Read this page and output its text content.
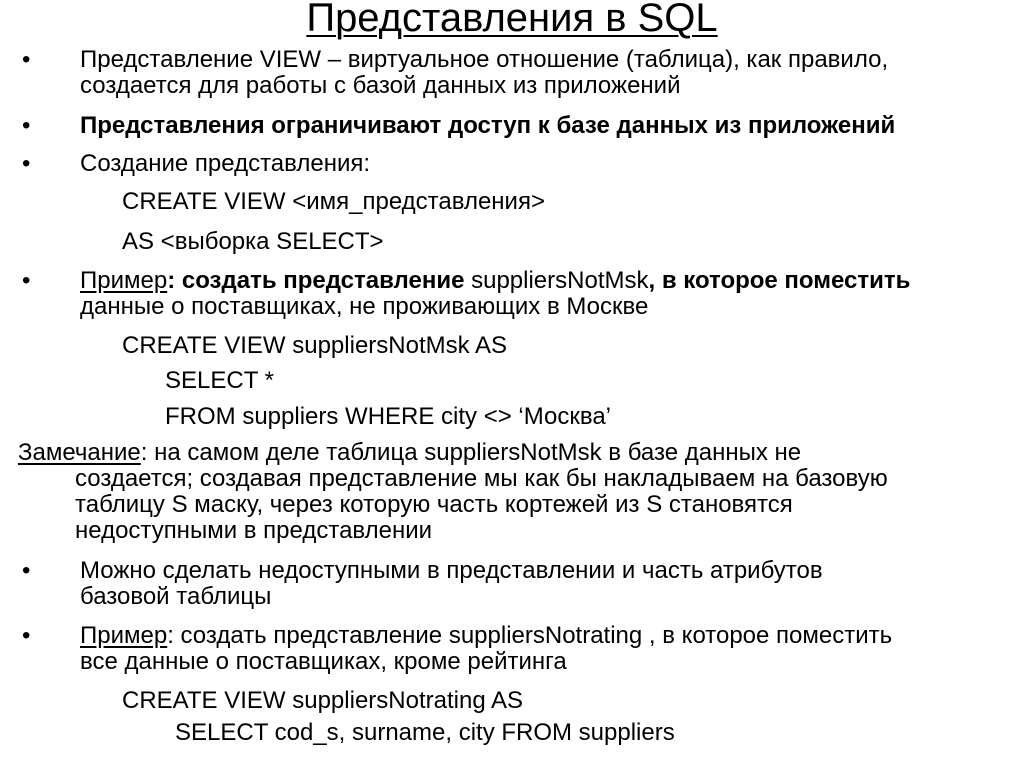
Представления в SQL
• Представление VIEW – виртуальное отношение (таблица), как правило,
создается для работы с базой данных из приложений
• Представления ограничивают доступ к базе данных из приложений
• Создание представления:
CREATE VIEW <имя_представления>
AS <выборка SELECT>
• Пример: создать представление suppliersNotMsk, в которое поместить
данные о поставщиках, не проживающих в Москве
CREATE VIEW suppliersNotMsk AS
SELECT *
FROM suppliers WHERE city <> ‘Москва’
Замечание: на самом деле таблица suppliersNotMsk в базе данных не
создается; создавая представление мы как бы накладываем на базовую
таблицу S маску, через которую часть кортежей из S становятся
недоступными в представлении
• Можно сделать недоступными в представлении и часть атрибутов
базовой таблицы
• Пример: создать представление suppliersNotrating , в которое поместить
все данные о поставщиках, кроме рейтинга
CREATE VIEW suppliersNotrating AS
SELECT cod_s, surname, city FROM suppliers
